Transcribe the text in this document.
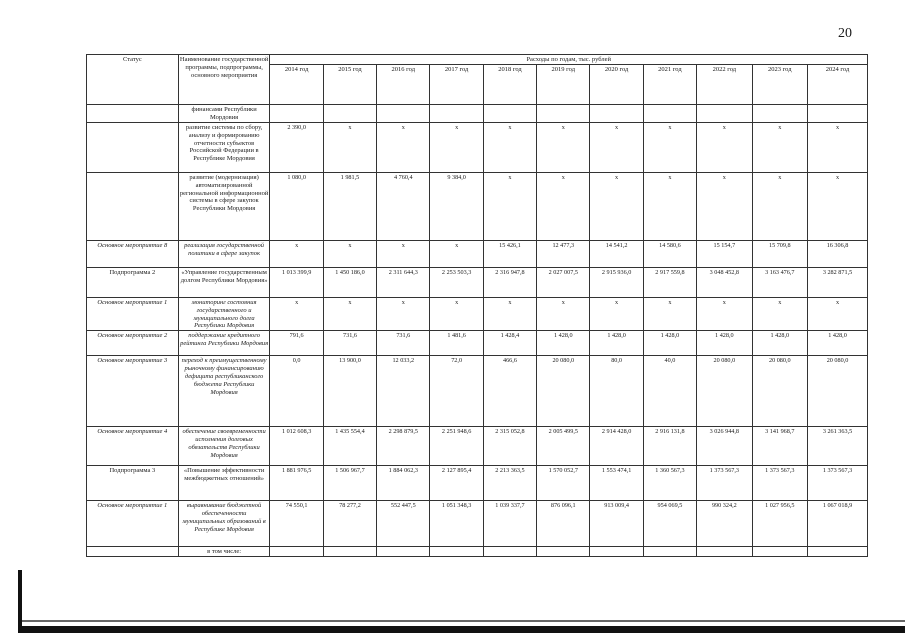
20
Статус	Наименование государственной программы, подпрограммы, основного мероприятия	Расходы по годам, тыс. рублей										
		2014 год	2015 год	2016 год	2017 год	2018 год	2019 год	2020 год	2021 год	2022 год	2023 год	2024 год
	финансами Республики Мордовия											
	развитие системы по сбору, анализу и формированию отчетности субъектов Российской Федерации в Республике Мордовия	2 390,0	х	х	х	х	х	х	х	х	х	х
	развитие (модернизация) автоматизированной региональной информационной системы в сфере закупок Республики Мордовия	1 080,0	1 981,5	4 760,4	9 384,0	х	х	х	х	х	х	х
Основное мероприятие 8	реализация государственной политики в сфере закупок	х	х	х	х	15 426,1	12 477,3	14 541,2	14 580,6	15 154,7	15 709,8	16 306,8
Подпрограмма 2	«Управление государственным долгом Республики Мордовия»	1 013 399,9	1 450 186,0	2 311 644,3	2 253 503,3	2 316 947,8	2 027 007,5	2 915 936,0	2 917 559,8	3 048 452,8	3 163 476,7	3 282 871,5
Основное мероприятие 1	мониторинг состояния государственного и муниципального долга Республики Мордовия	х	х	х	х	х	х	х	х	х	х	х
Основное мероприятие 2	поддержание кредитного рейтинга Республики Мордовия	791,6	731,6	731,6	1 481,6	1 428,4	1 428,0	1 428,0	1 428,0	1 428,0	1 428,0	1 428,0
Основное мероприятие 3	переход к преимущественному рыночному финансированию дефицита республиканского бюджета Республики Мордовия	0,0	13 900,0	12 033,2	72,0	466,6	20 080,0	80,0	40,0	20 080,0	20 080,0	20 080,0
Основное мероприятие 4	обеспечение своевременности исполнения долговых обязательств Республики Мордовия	1 012 608,3	1 435 554,4	2 298 879,5	2 251 948,6	2 315 052,8	2 005 499,5	2 914 428,0	2 916 131,8	3 026 944,8	3 141 968,7	3 261 363,5
Подпрограмма 3	«Повышение эффективности межбюджетных отношений»	1 881 976,5	1 506 967,7	1 884 062,3	2 127 895,4	2 213 363,5	1 570 052,7	1 553 474,1	1 360 567,3	1 373 567,3	1 373 567,3	1 373 567,3
Основное мероприятие 1	выравнивание бюджетной обеспеченности муниципальных образований в Республике Мордовия	74 550,1	78 277,2	552 447,5	1 051 348,3	1 039 337,7	876 096,1	913 009,4	954 069,5	990 324,2	1 027 956,5	1 067 018,9
	в том числе:											
